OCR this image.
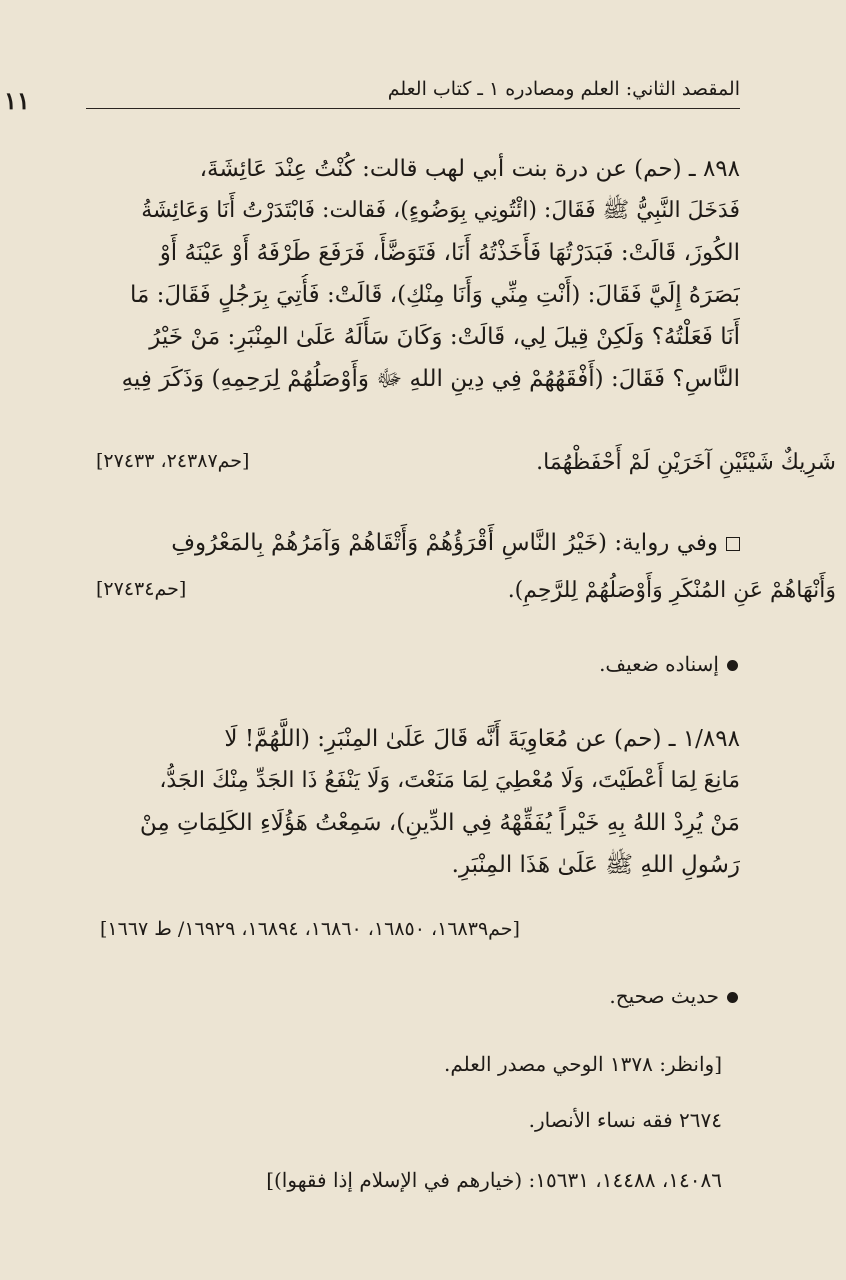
١١	المقصد الثاني: العلم ومصادره ١ ـ كتاب العلم
٨٩٨ ـ (حم) عن درة بنت أبي لهب قالت: كُنْتُ عِنْدَ عَائِشَةَ،
فَدَخَلَ النَّبِيُّ ﷺ فَقَالَ: (ائْتُونِي بِوَضُوءٍ)، فَقالت: فَابْتَدَرْتُ أَنَا وَعَائِشَةُ
الكُوزَ، قَالَتْ: فَبَدَرْتُهَا فَأَخَذْتُهُ أَنَا، فَتَوَضَّأَ، فَرَفَعَ طَرْفَهُ أَوْ عَيْنَهُ أَوْ
بَصَرَهُ إِلَيَّ فَقَالَ: (أَنْتِ مِنِّي وَأَنَا مِنْكِ)، قَالَتْ: فَأُتِيَ بِرَجُلٍ فَقَالَ: مَا
أَنَا فَعَلْتُهُ؟ وَلَكِنْ قِيلَ لِي، قَالَتْ: وَكَانَ سَأَلَهُ عَلَىٰ المِنْبَرِ: مَنْ خَيْرُ
النَّاسِ؟ فَقَالَ: (أَفْقَهُهُمْ فِي دِينِ اللهِ ﷻ وَأَوْصَلُهُمْ لِرَحِمِهِ) وَذَكَرَ فِيهِ
شَرِيكٌ شَيْئَيْنِ آخَرَيْنِ لَمْ أَحْفَظْهُمَا.
[حم٢٤٣٨٧، ٢٧٤٣٣]
وفي رواية: (خَيْرُ النَّاسِ أَقْرَؤُهُمْ وَأَتْقَاهُمْ وَآمَرُهُمْ بِالمَعْرُوفِ
وَأَنْهَاهُمْ عَنِ المُنْكَرِ وَأَوْصَلُهُمْ لِلرَّحِمِ).
[حم٢٧٤٣٤]
إسناده ضعيف.
١/٨٩٨ ـ (حم) عن مُعَاوِيَةَ أَنَّه قَالَ عَلَىٰ المِنْبَرِ: (اللَّهُمَّ! لَا
مَانِعَ لِمَا أَعْطَيْتَ، وَلَا مُعْطِيَ لِمَا مَنَعْتَ، وَلَا يَنْفَعُ ذَا الجَدِّ مِنْكَ الجَدُّ،
مَنْ يُرِدْ اللهُ بِهِ خَيْراً يُفَقِّهْهُ فِي الدِّينِ)، سَمِعْتُ هَؤُلَاءِ الكَلِمَاتِ مِنْ
رَسُولِ اللهِ ﷺ عَلَىٰ هَذَا المِنْبَرِ.
[حم١٦٨٣٩، ١٦٨٥٠، ١٦٨٦٠، ١٦٨٩٤، ١٦٩٢٩/ ط ١٦٦٧]
حديث صحيح.
[وانظر: ١٣٧٨ الوحي مصدر العلم.
٢٦٧٤ فقه نساء الأنصار.
١٤٠٨٦، ١٤٤٨٨، ١٥٦٣١: (خيارهم في الإسلام إذا فقهوا)]
